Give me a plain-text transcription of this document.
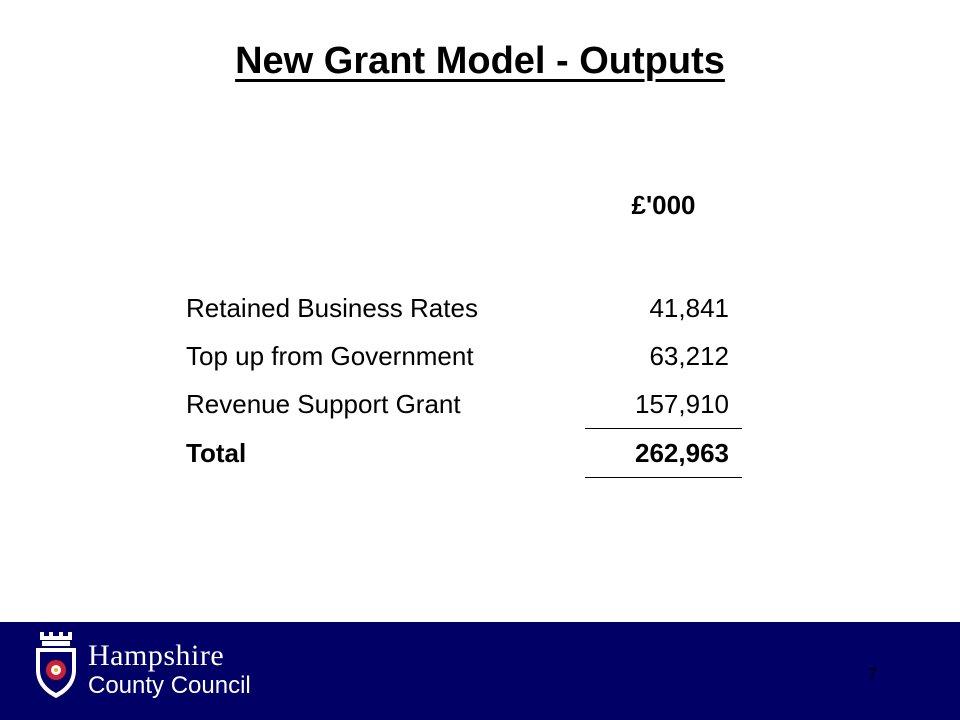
New Grant Model - Outputs
£'000
Retained Business Rates	41,841

Top up from Government	63,212

Revenue Support Grant	157,910

Total	262,963
Hampshire
County Council	7
